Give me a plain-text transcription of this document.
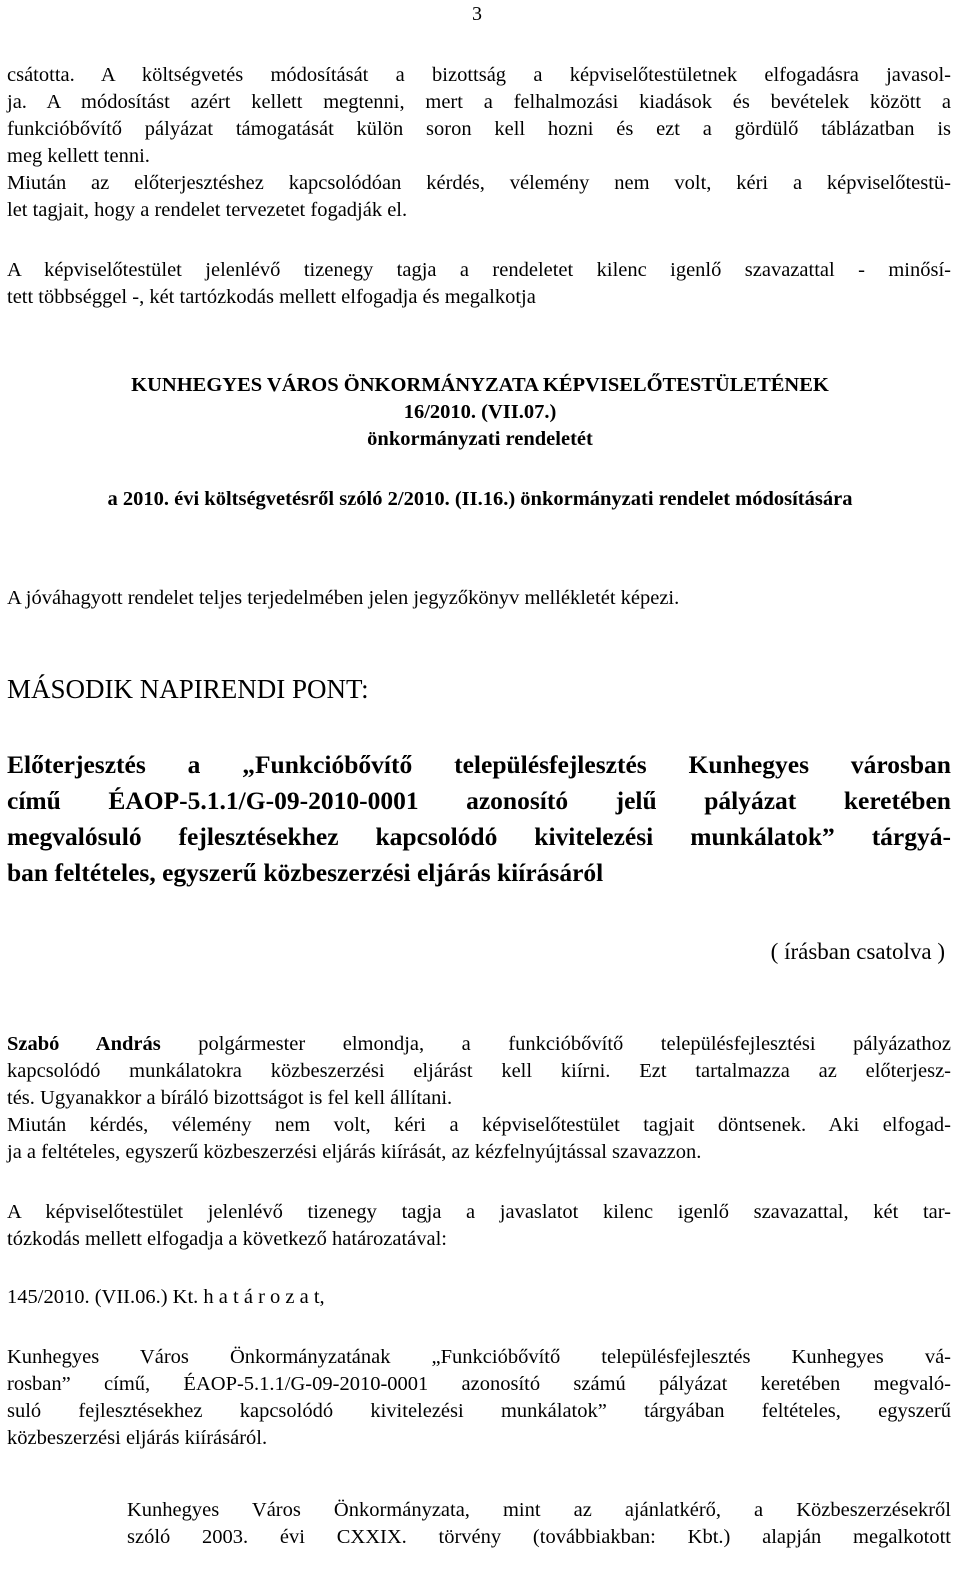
3
csátotta. A költségvetés módosítását a bizottság a képviselőtestületnek elfogadásra javasol-
ja. A módosítást azért kellett megtenni, mert a felhalmozási kiadások és bevételek között a
funkcióbővítő pályázat támogatását külön soron kell hozni és ezt a gördülő táblázatban is
meg kellett tenni.
Miután az előterjesztéshez kapcsolódóan kérdés, vélemény nem volt, kéri a képviselőtestü-
let tagjait, hogy a rendelet tervezetet fogadják el.
A képviselőtestület jelenlévő tizenegy tagja a rendeletet kilenc igenlő szavazattal - minősí-
tett többséggel -, két tartózkodás mellett elfogadja és megalkotja
KUNHEGYES VÁROS ÖNKORMÁNYZATA KÉPVISELŐTESTÜLETÉNEK
16/2010. (VII.07.)
önkormányzati rendeletét
a 2010. évi költségvetésről szóló 2/2010. (II.16.) önkormányzati rendelet módosítására
A jóváhagyott rendelet teljes terjedelmében jelen jegyzőkönyv mellékletét képezi.
MÁSODIK NAPIRENDI PONT:
Előterjesztés a „Funkcióbővítő településfejlesztés Kunhegyes városban
című ÉAOP-5.1.1/G-09-2010-0001 azonosító jelű pályázat keretében
megvalósuló fejlesztésekhez kapcsolódó kivitelezési munkálatok” tárgyá-
ban feltételes, egyszerű közbeszerzési eljárás kiírásáról
( írásban csatolva )
Szabó András polgármester elmondja, a funkcióbővítő településfejlesztési pályázathoz
kapcsolódó munkálatokra közbeszerzési eljárást kell kiírni. Ezt tartalmazza az előterjesz-
tés. Ugyanakkor a bíráló bizottságot is fel kell állítani.
Miután kérdés, vélemény nem volt, kéri a képviselőtestület tagjait döntsenek. Aki elfogad-
ja a feltételes, egyszerű közbeszerzési eljárás kiírását, az kézfelnyújtással szavazzon.
A képviselőtestület jelenlévő tizenegy tagja a javaslatot kilenc igenlő szavazattal, két tar-
tózkodás mellett elfogadja a következő határozatával:
145/2010. (VII.06.) Kt. h a t á r o z a t,
Kunhegyes Város Önkormányzatának „Funkcióbővítő településfejlesztés Kunhegyes vá-
rosban” című, ÉAOP-5.1.1/G-09-2010-0001 azonosító számú pályázat keretében megvaló-
suló fejlesztésekhez kapcsolódó kivitelezési munkálatok” tárgyában feltételes, egyszerű
közbeszerzési eljárás kiírásáról.
Kunhegyes Város Önkormányzata, mint az ajánlatkérő, a Közbeszerzésekről
szóló 2003. évi CXXIX. törvény (továbbiakban: Kbt.) alapján megalkotott
